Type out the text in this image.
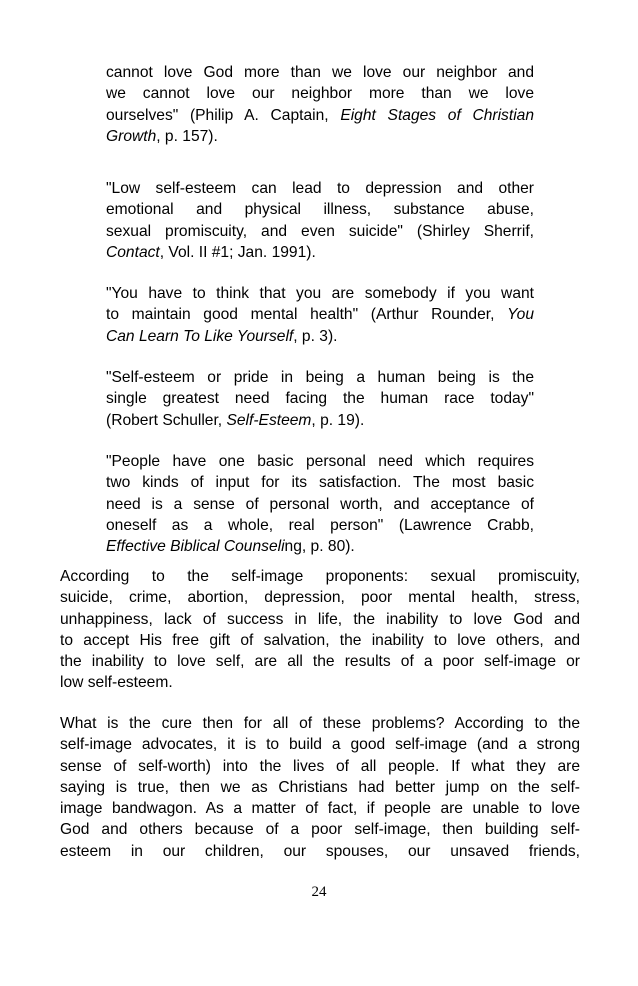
cannot love God more than we love our neighbor and
we cannot love our neighbor more than we love
ourselves" (Philip A. Captain, Eight Stages of Christian
Growth, p. 157).
"Low self-esteem can lead to depression and other
emotional and physical illness, substance abuse,
sexual promiscuity, and even suicide" (Shirley Sherrif,
Contact, Vol. II #1; Jan. 1991).
"You have to think that you are somebody if you want
to maintain good mental health" (Arthur Rounder, You
Can Learn To Like Yourself, p. 3).
"Self-esteem or pride in being a human being is the
single greatest need facing the human race today"
(Robert Schuller, Self-Esteem, p. 19).
"People have one basic personal need which requires
two kinds of input for its satisfaction. The most basic
need is a sense of personal worth, and acceptance of
oneself as a whole, real person" (Lawrence Crabb,
Effective Biblical Counseling, p. 80).
According to the self-image proponents: sexual promiscuity,
suicide, crime, abortion, depression, poor mental health, stress,
unhappiness, lack of success in life, the inability to love God and
to accept His free gift of salvation, the inability to love others, and
the inability to love self, are all the results of a poor self-image or
low self-esteem.
What is the cure then for all of these problems? According to the
self-image advocates, it is to build a good self-image (and a strong
sense of self-worth) into the lives of all people. If what they are
saying is true, then we as Christians had better jump on the self-
image bandwagon. As a matter of fact, if people are unable to love
God and others because of a poor self-image, then building self-
esteem in our children, our spouses, our unsaved friends,
24
